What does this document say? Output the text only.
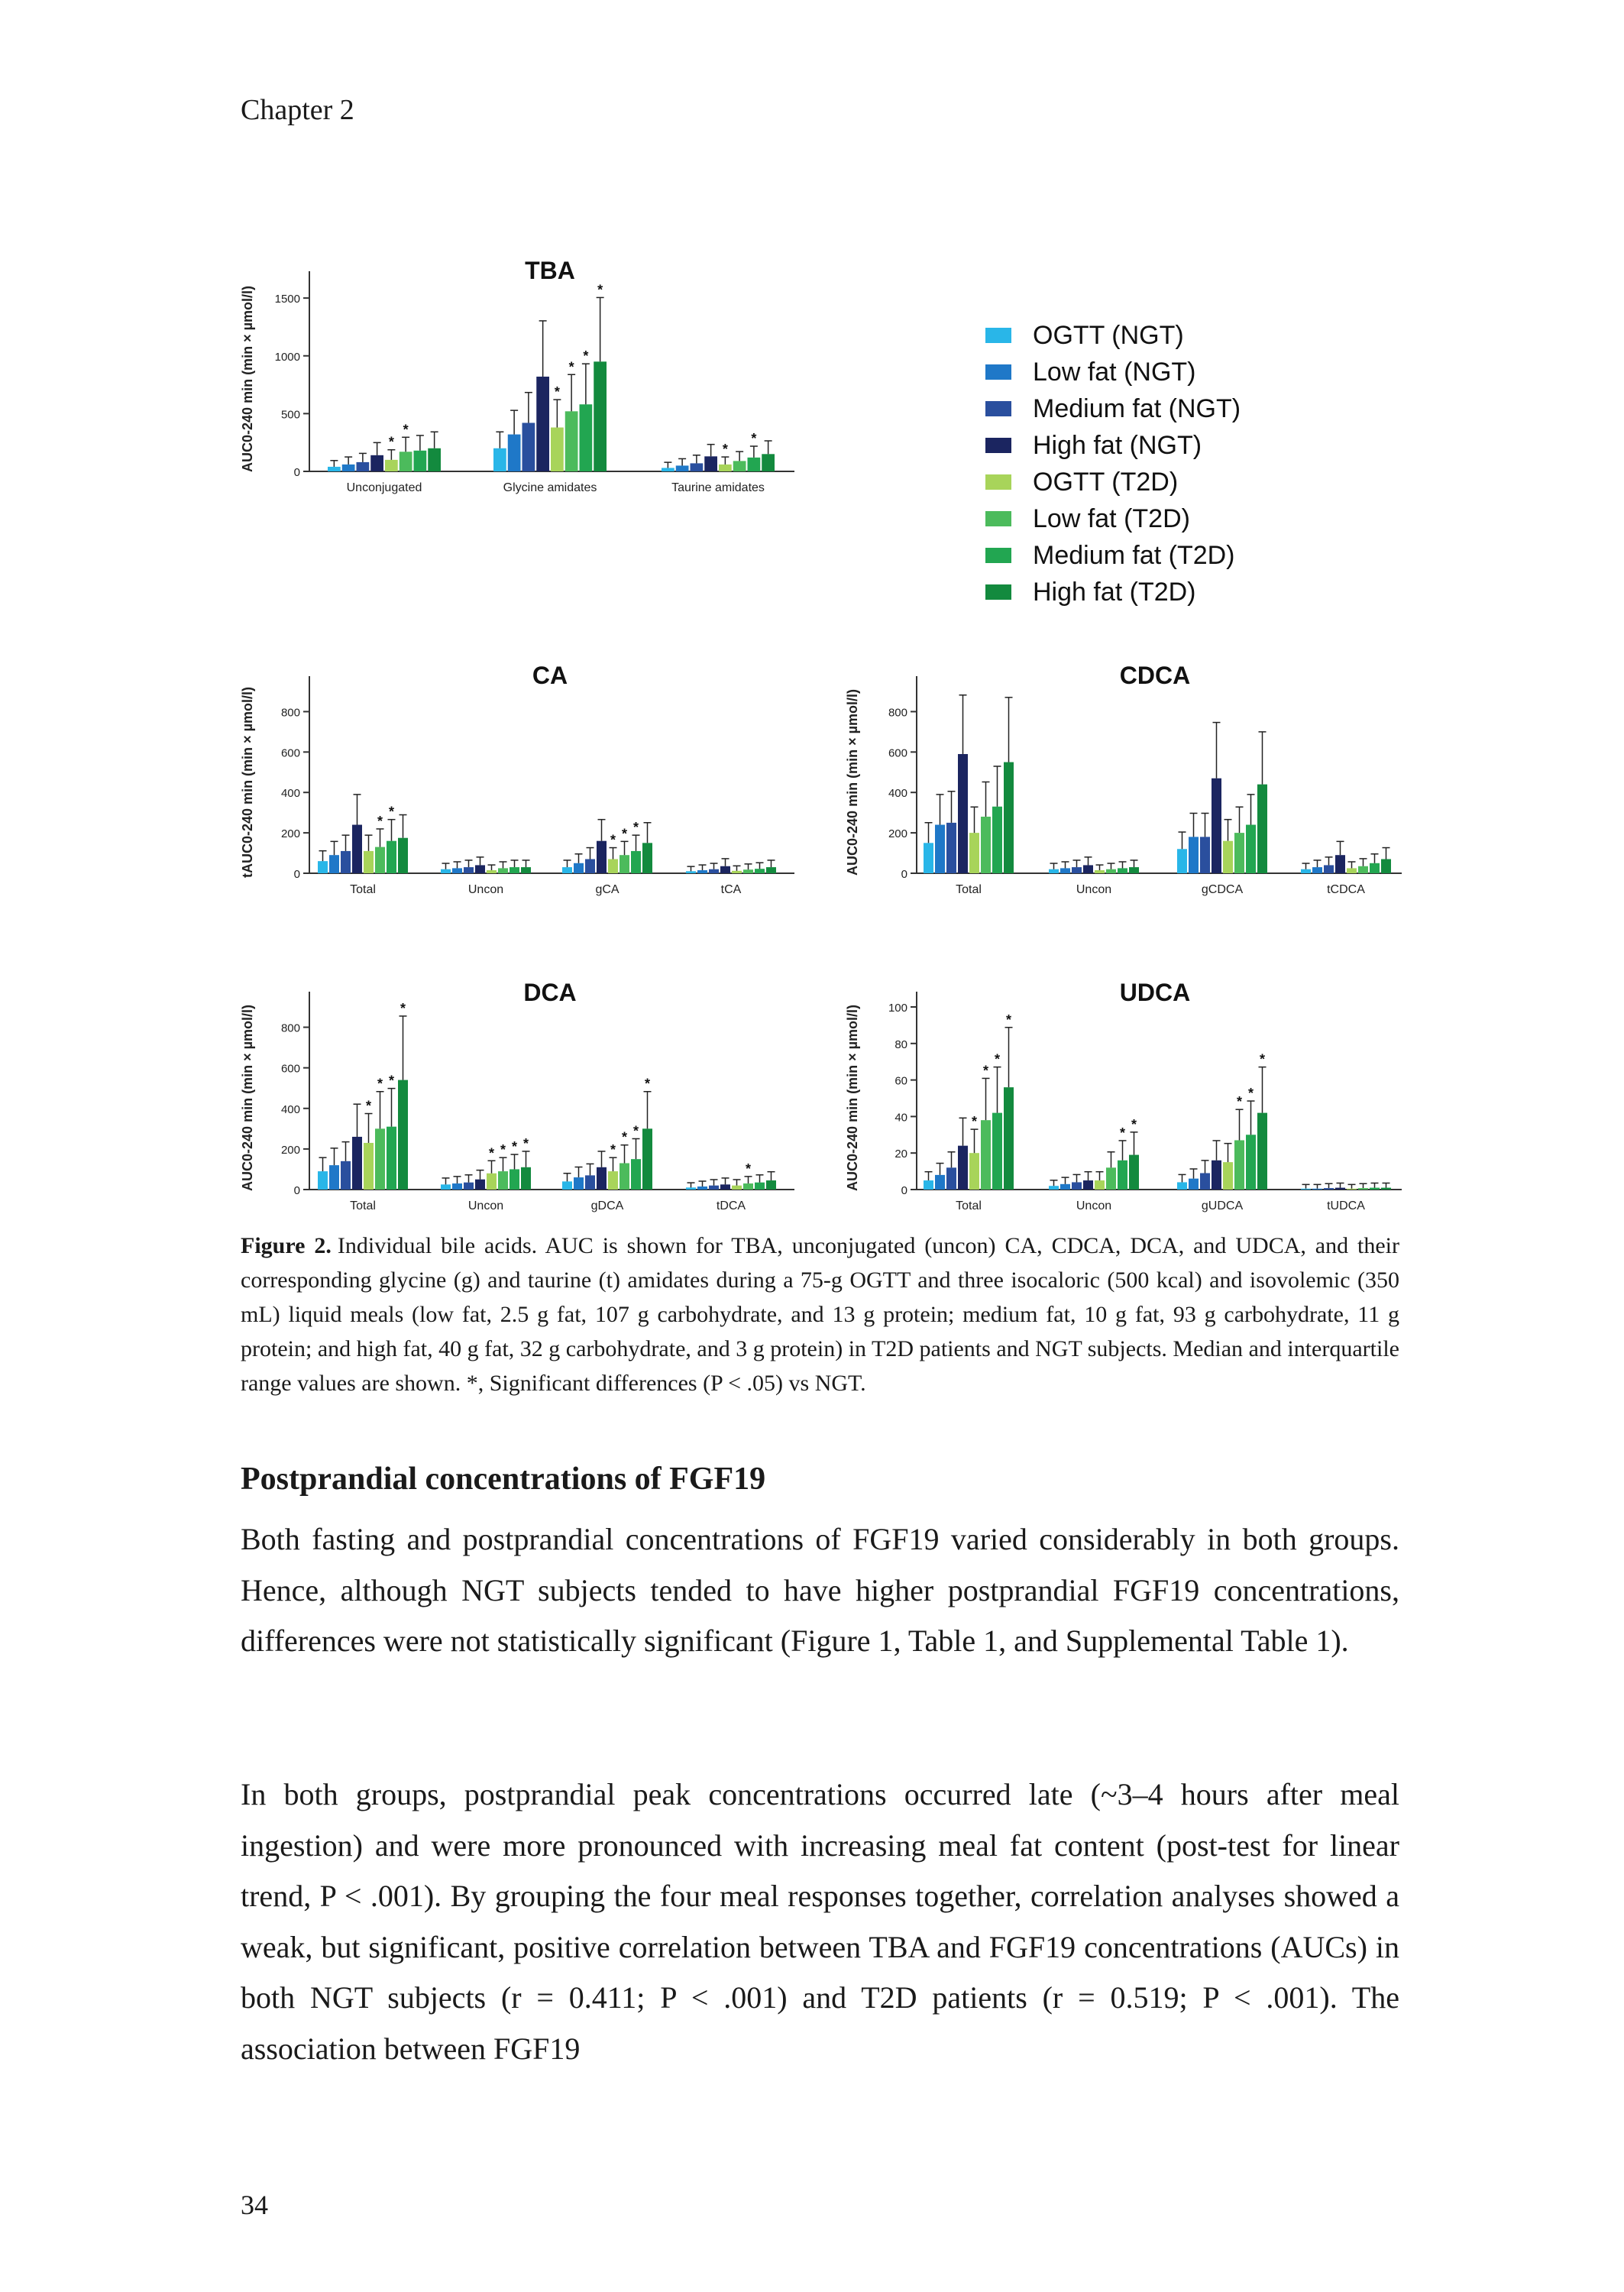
Chapter 2
TBA
0
500
1000
1500
AUC0-240 min (min × µmol/l)	*
*
Unconjugated
*
*
*
*
Glycine amidates
*
*
Taurine amidates
CA
0
200
400
600
800
tAUC0-240 min (min × µmol/l)	*
*
Total	Uncon
* * *
gCA	tCA
CDCA
0
200
400
600
800
AUC0-240 min (min × µmol/l)
Total	Uncon	gCDCA	tCDCA
DCA
0
200
400
600
800
AUC0-240 min (min × µmol/l)	*
* *
*
Total
* * * *
Uncon
*
* *
*
gDCA
*
tDCA
UDCA
0
20
40
60
80
100
AUC0-240 min (min × µmol/l)	*
*
*
*
Total
*
*
Uncon
*
*
*
gUDCA	tUDCA
OGTT (NGT)
Low fat (NGT)
Medium fat (NGT)
High fat (NGT)
OGTT (T2D)
Low fat (T2D)
Medium fat (T2D)
High fat (T2D)
Figure 2. Individual bile acids. AUC is shown for TBA, unconjugated (uncon) CA, CDCA, DCA, and UDCA, and their corresponding glycine (g) and taurine (t) amidates during a 75-g OGTT and three isocaloric (500 kcal) and isovolemic (350 mL) liquid meals (low fat, 2.5 g fat, 107 g carbohydrate, and 13 g protein; medium fat, 10 g fat, 93 g carbohydrate, 11 g protein; and high fat, 40 g fat, 32 g carbohydrate, and 3 g protein) in T2D patients and NGT subjects. Median and interquartile range values are shown. *, Significant differences (P < .05) vs NGT.
Postprandial concentrations of FGF19
Both fasting and postprandial concentrations of FGF19 varied considerably in both groups. Hence, although NGT subjects tended to have higher postprandial FGF19 concentrations, differences were not statistically significant (Figure 1, Table 1, and Supplemental Table 1).
In both groups, postprandial peak concentrations occurred late (~3–4 hours after meal ingestion) and were more pronounced with increasing meal fat content (post-test for linear trend, P < .001). By grouping the four meal responses together, correlation analyses showed a weak, but significant, positive correlation between TBA and FGF19 concentrations (AUCs) in both NGT subjects (r = 0.411; P < .001) and T2D patients (r = 0.519; P < .001). The association between FGF19
34
